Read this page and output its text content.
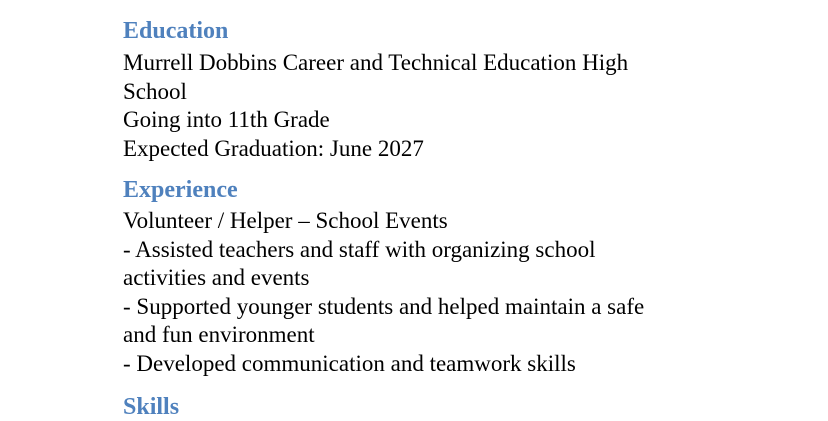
Education

Murrell Dobbins Career and Technical Education High

School

Going into 11th Grade

Expected Graduation: June 2027

Experience

Volunteer / Helper – School Events

- Assisted teachers and staff with organizing school

activities and events

- Supported younger students and helped maintain a safe

and fun environment

- Developed communication and teamwork skills

Skills
